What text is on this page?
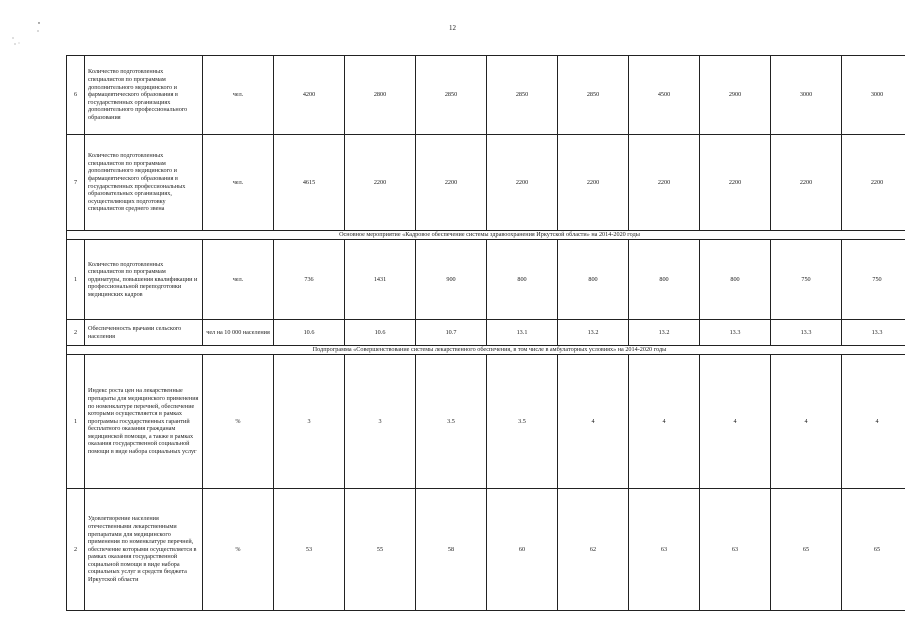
12
6	Количество подготовленных специалистов по программам дополнительного медицинского и фармацевтического образования в государственных организациях дополнительного профессионального образования	чел.	4200	2800	2850	2850	2850	4500	2900	3000	3000
7	Количество подготовленных специалистов по программам дополнительного медицинского и фармацевтического образования в государственных профессиональных образовательных организациях, осуществляющих подготовку специалистов среднего звена	чел.	4615	2200	2200	2200	2200	2200	2200	2200	2200
Основное мероприятие «Кадровое обеспечение системы здравоохранения Иркутской области» на 2014-2020 годы											
1	Количество подготовленных специалистов по программам ординатуры, повышения квалификации и профессиональной переподготовки медицинских кадров	чел.	736	1431	900	800	800	800	800	750	750
2	Обеспеченность врачами сельского населения	чел на 10 000 населения	10.6	10.6	10.7	13.1	13.2	13.2	13.3	13.3	13.3
Подпрограмма «Совершенствование системы лекарственного обеспечения, в том числе в амбулаторных условиях» на 2014-2020 годы											
1	Индекс роста цен на лекарственные препараты для медицинского применения по номенклатуре перечней, обеспечение которыми осуществляется в рамках программы государственных гарантий бесплатного оказания гражданам медицинской помощи, а также в рамках оказания государственной социальной помощи в виде набора социальных услуг	%	3	3	3.5	3.5	4	4	4	4	4
2	Удовлетворение населения отечественными лекарственными препаратами для медицинского применения по номенклатуре перечней, обеспечение которыми осуществляется в рамках оказания государственной социальной помощи в виде набора социальных услуг и средств бюджета Иркутской области	%	53	55	58	60	62	63	63	65	65
